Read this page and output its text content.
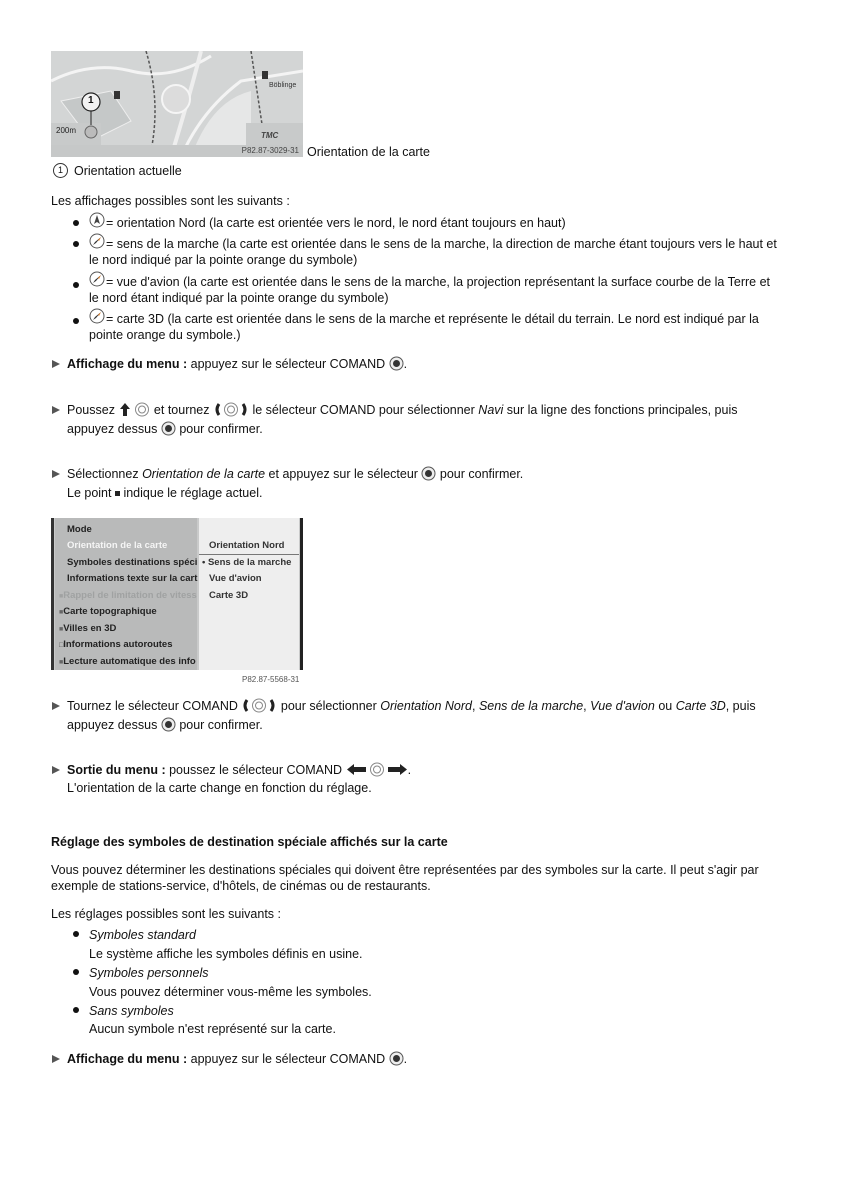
1
200m
Böblinge
TMC
P82.87-3029-31 Orientation de la carte
1 Orientation actuelle
Les affichages possibles sont les suivants :
= orientation Nord (la carte est orientée vers le nord, le nord étant toujours en haut)
= sens de la marche (la carte est orientée dans le sens de la marche, la direction de marche étant toujours vers le haut et
le nord indiqué par la pointe orange du symbole)
= vue d'avion (la carte est orientée dans le sens de la marche, la projection représentant la surface courbe de la Terre et
le nord étant indiqué par la pointe orange du symbole)
= carte 3D (la carte est orientée dans le sens de la marche et représente le détail du terrain. Le nord est indiqué par la
pointe orange du symbole.)
Affichage du menu : appuyez sur le sélecteur COMAND .
Poussez	et tournez	le sélecteur COMAND pour sélectionner Navi sur la ligne des fonctions principales, puis
appuyez dessus pour confirmer.
Sélectionnez Orientation de la carte et appuyez sur le sélecteur pour confirmer.
Le point indique le réglage actuel.
Mode
Orientation de la carte
Symboles destinations spéci
Informations texte sur la cart
■Rappel de limitation de vitess
■Carte topographique
■Villes en 3D
□Informations autoroutes
■Lecture automatique des info
Orientation Nord
• Sens de la marche
Vue d'avion
Carte 3D
P82.87-5568-31
Tournez le sélecteur COMAND	pour sélectionner Orientation Nord, Sens de la marche, Vue d'avion ou Carte 3D, puis
appuyez dessus pour confirmer.
Sortie du menu : poussez le sélecteur COMAND	.
L'orientation de la carte change en fonction du réglage.
Réglage des symboles de destination spéciale affichés sur la carte
Vous pouvez déterminer les destinations spéciales qui doivent être représentées par des symboles sur la carte. Il peut s'agir par
exemple de stations-service, d'hôtels, de cinémas ou de restaurants.
Les réglages possibles sont les suivants :
Symboles standard
Le système affiche les symboles définis en usine.
Symboles personnels
Vous pouvez déterminer vous-même les symboles.
Sans symboles
Aucun symbole n'est représenté sur la carte.
Affichage du menu : appuyez sur le sélecteur COMAND .
